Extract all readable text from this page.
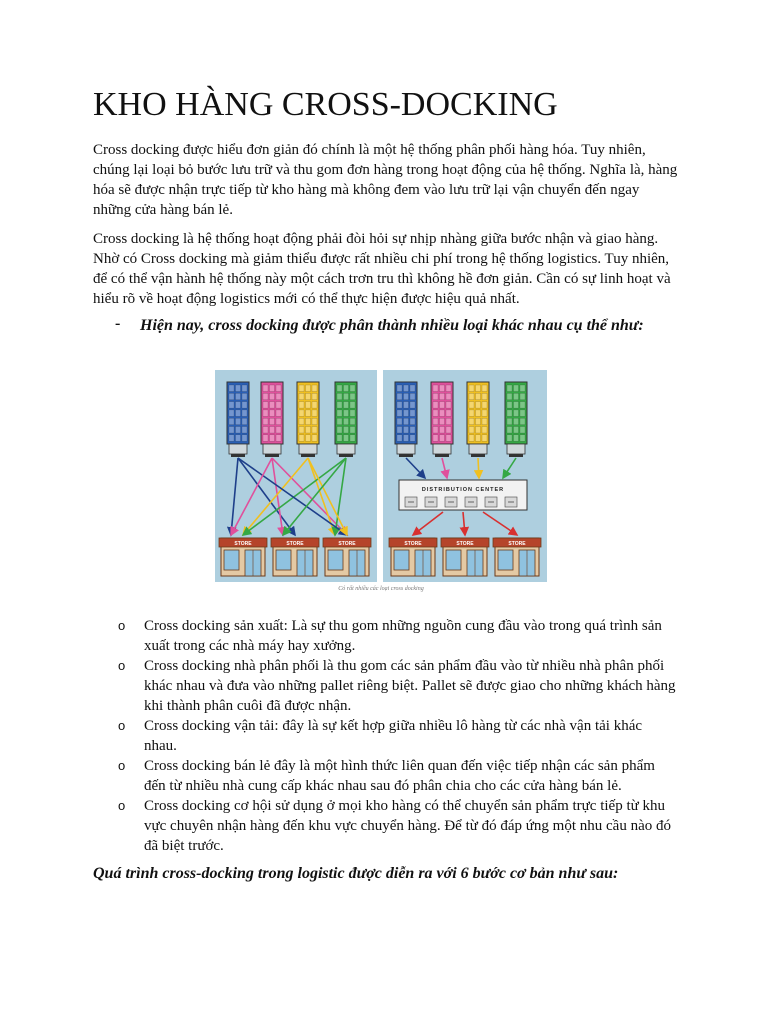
KHO HÀNG CROSS-DOCKING

Cross docking được hiểu đơn giản đó chính là một hệ thống phân phối hàng hóa. Tuy nhiên, chúng lại loại bỏ bước lưu trữ và thu gom đơn hàng trong hoạt động của hệ thống. Nghĩa là, hàng hóa sẽ được nhận trực tiếp từ kho hàng mà không đem vào lưu trữ lại vận chuyển đến ngay những cửa hàng bán lẻ.

Cross docking là hệ thống hoạt động phải đòi hỏi sự nhịp nhàng giữa bước nhận và giao hàng. Nhờ có Cross docking mà giảm thiểu được rất nhiều chi phí trong hệ thống logistics. Tuy nhiên, để có thể vận hành hệ thống này một cách trơn tru thì không hề đơn giản. Cần có sự linh hoạt và hiểu rõ về hoạt động logistics mới có thể thực hiện được hiệu quả nhất.

- Hiện nay, cross docking được phân thành nhiều loại khác nhau cụ thể như:

DISTRIBUTION CENTER
STORE	STORE	STORE	STORE	STORE	STORE
Có rất nhiều các loại cross docking
o Cross docking sản xuất: Là sự thu gom những nguồn cung đầu vào trong quá trình sản xuất trong các nhà máy hay xưởng.
o Cross docking nhà phân phối là thu gom các sản phẩm đầu vào từ nhiều nhà phân phối khác nhau và đưa vào những pallet riêng biệt. Pallet sẽ được giao cho những khách hàng khi thành phân cuôi đã được nhận.
o Cross docking vận tải: đây là sự kết hợp giữa nhiều lô hàng từ các nhà vận tải khác nhau.
o Cross docking bán lẻ đây là một hình thức liên quan đến việc tiếp nhận các sản phẩm đến từ nhiều nhà cung cấp khác nhau sau đó phân chia cho các cửa hàng bán lẻ.
o Cross docking cơ hội sử dụng ở mọi kho hàng có thể chuyển sản phẩm trực tiếp từ khu vực chuyên nhận hàng đến khu vực chuyển hàng. Để từ đó đáp ứng một nhu cầu nào đó đã biệt trước.

Quá trình cross-docking trong logistic được diễn ra với 6 bước cơ bản như sau:
